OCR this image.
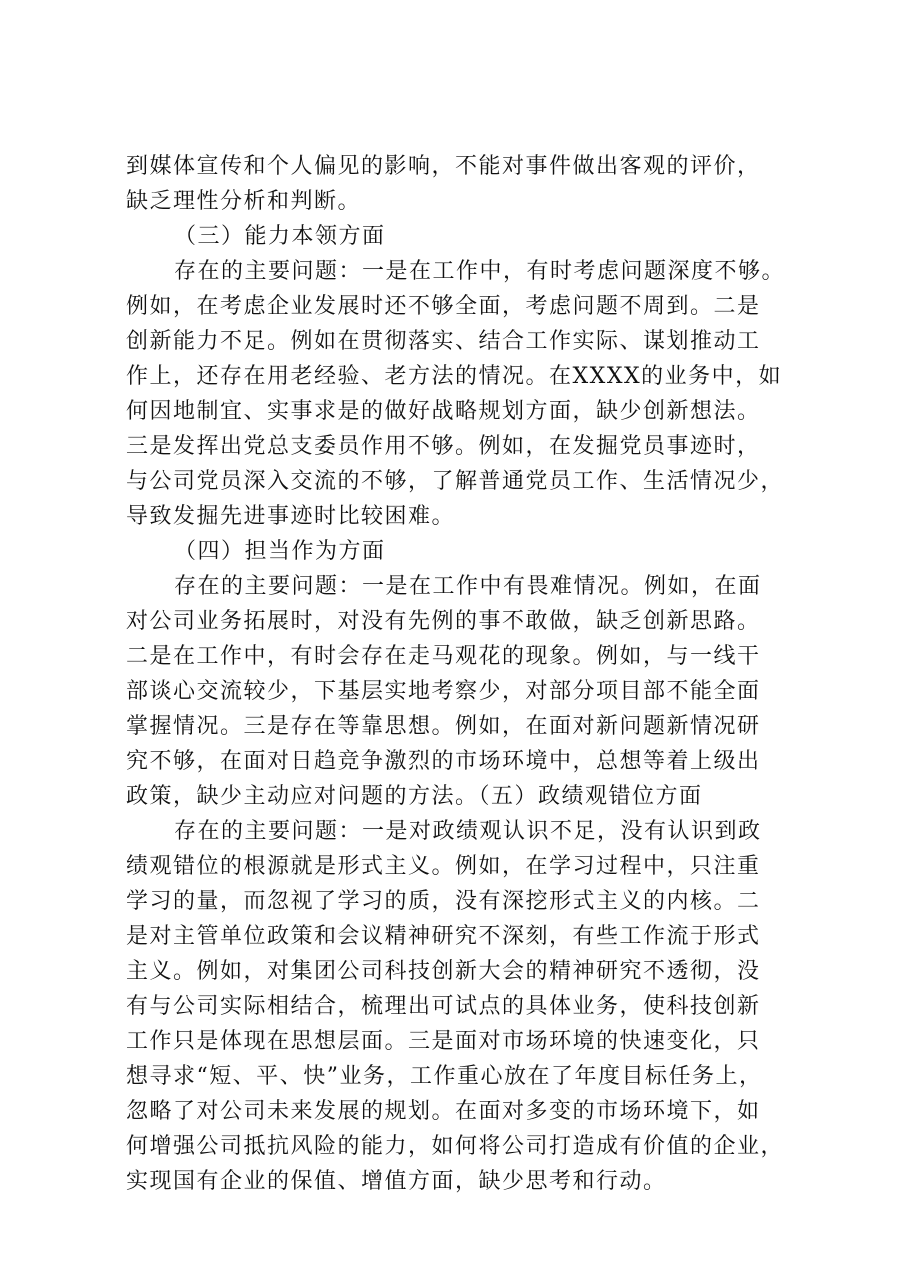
到媒体宣传和个人偏见的影响，不能对事件做出客观的评价，
缺乏理性分析和判断。
（三）能力本领方面
存在的主要问题：一是在工作中，有时考虑问题深度不够。
例如，在考虑企业发展时还不够全面，考虑问题不周到。二是
创新能力不足。例如在贯彻落实、结合工作实际、谋划推动工
作上，还存在用老经验、老方法的情况。在XXXX的业务中，如
何因地制宜、实事求是的做好战略规划方面，缺少创新想法。
三是发挥出党总支委员作用不够。例如，在发掘党员事迹时，
与公司党员深入交流的不够，了解普通党员工作、生活情况少，
导致发掘先进事迹时比较困难。
（四）担当作为方面
存在的主要问题：一是在工作中有畏难情况。例如，在面
对公司业务拓展时，对没有先例的事不敢做，缺乏创新思路。
二是在工作中，有时会存在走马观花的现象。例如，与一线干
部谈心交流较少，下基层实地考察少，对部分项目部不能全面
掌握情况。三是存在等靠思想。例如，在面对新问题新情况研
究不够，在面对日趋竞争激烈的市场环境中，总想等着上级出
政策，缺少主动应对问题的方法。（五）政绩观错位方面
存在的主要问题：一是对政绩观认识不足，没有认识到政
绩观错位的根源就是形式主义。例如，在学习过程中，只注重
学习的量，而忽视了学习的质，没有深挖形式主义的内核。二
是对主管单位政策和会议精神研究不深刻，有些工作流于形式
主义。例如，对集团公司科技创新大会的精神研究不透彻，没
有与公司实际相结合，梳理出可试点的具体业务，使科技创新
工作只是体现在思想层面。三是面对市场环境的快速变化，只
想寻求“短、平、快”业务，工作重心放在了年度目标任务上，
忽略了对公司未来发展的规划。在面对多变的市场环境下，如
何增强公司抵抗风险的能力，如何将公司打造成有价值的企业，
实现国有企业的保值、增值方面，缺少思考和行动。
